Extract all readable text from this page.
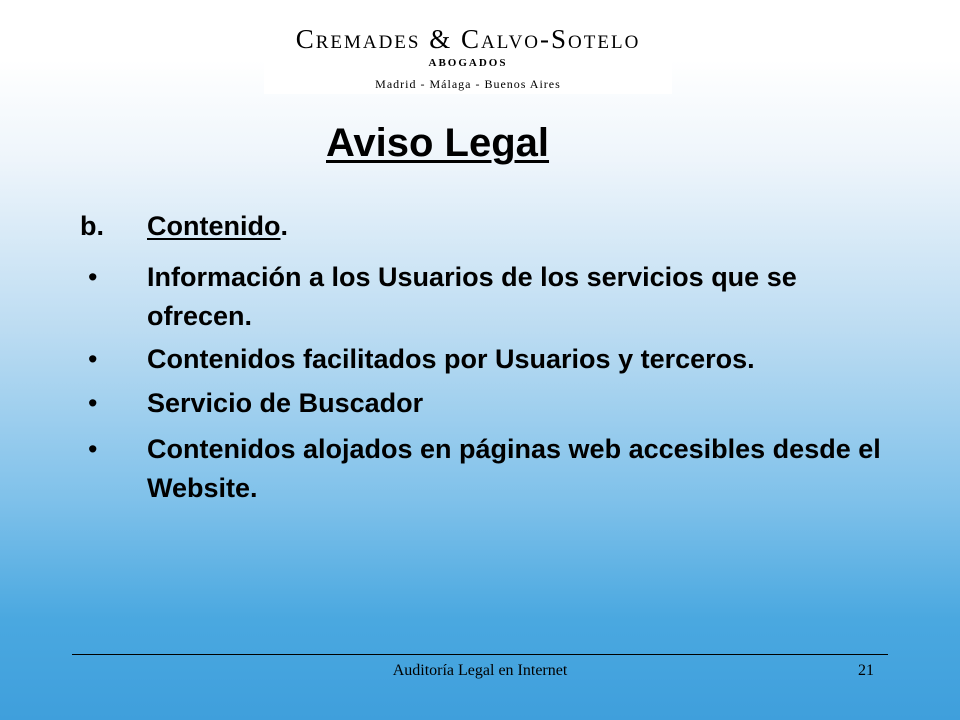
Cremades & Calvo-Sotelo
ABOGADOS
Madrid - Málaga - Buenos Aires
Aviso Legal
b.	Contenido.
• Información a los Usuarios de los servicios que se ofrecen.
• Contenidos facilitados por Usuarios y terceros.
• Servicio de Buscador
• Contenidos alojados en páginas web accesibles desde el Website.
Auditoría Legal en Internet	21
